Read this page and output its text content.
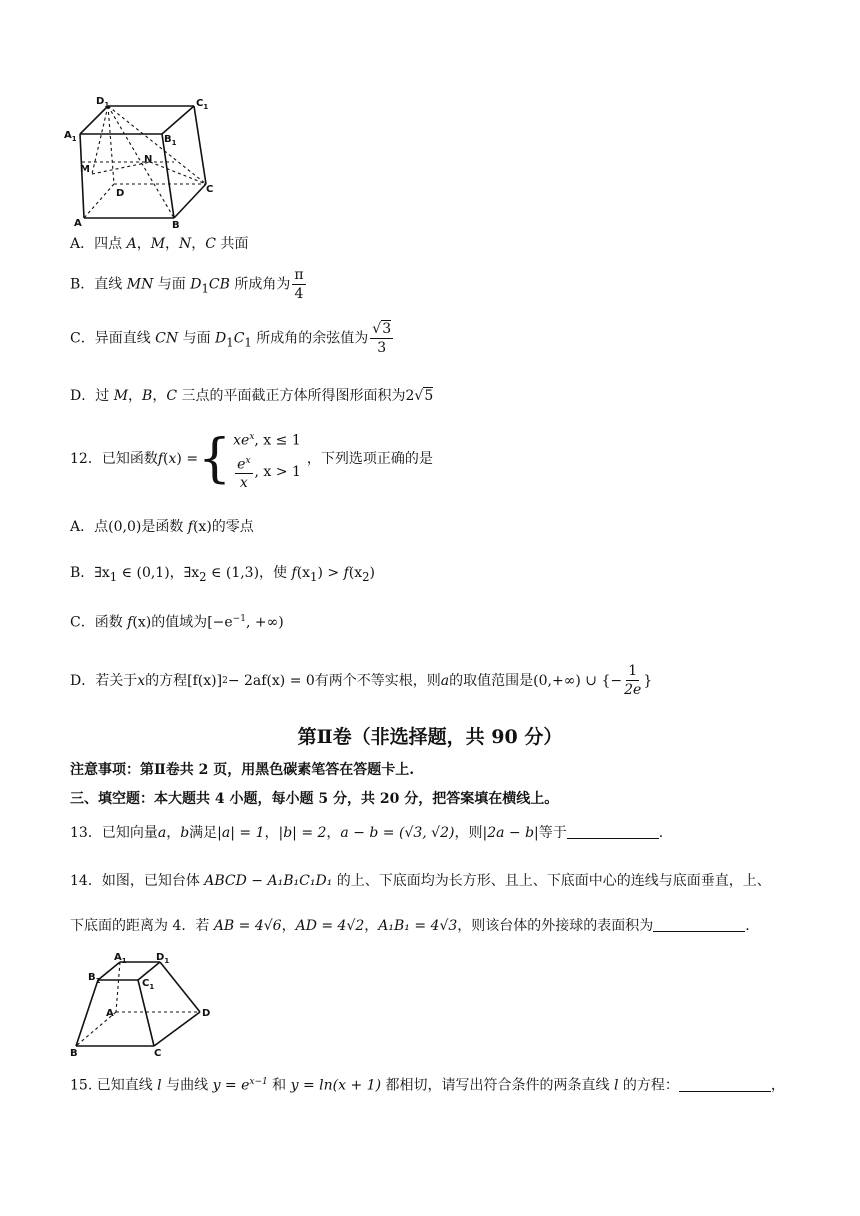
$D_1$	$C_1$
$A_1$	$B_1$
M
N
D	C
A	B
A．四点 A，M，N，C 共面
B．直线 MN 与面 $D_1CB$ 所成角为 $\frac{\pi}{4}$
C．异面直线 CN 与面 $D_1C_1$ 所成角的余弦值为 $\frac{√3}{3}$
D．过 M，B，C 三点的平面截正方体所得图形面积为2√5
12．已知函数 f ( x )
= { $xe^x$, x ≤ 1
$\frac{e^x}{x}$ , x > 1
，下列选项正确的是
A．点(0,0)是函数 f(x)的零点
B．$\exists x_1$ ∈ (0,1)，$\exists x_2$ ∈ (1,3)，使 $f(x_1) > f(x_2)$
C．函数 f(x)的值域为[$-e^{-1}$, +∞)
D．若关于 x 的方程 [f(x)] 2 − 2af(x) = 0 有两个不等实根，则 a 的取值范围是 (0,+∞) ∪ {− $\frac{1}{2e}$ }
第Ⅱ卷（非选择题，共 90 分）
注意事项：第Ⅱ卷共 2 页，用黑色碳素笔答在答题卡上.
三、填空题：本大题共 4 小题，每小题 5 分，共 20 分，把答案填在横线上。
13．已知向量a，b满足|a| = 1，|b| = 2，a − b = (√3, √2)，则|2a − b|等于	.
14．如图，已知台体 ABCD − A₁B₁C₁D₁ 的上、下底面均为长方形、且上、下底面中心的连线与底面垂直，上、
下底面的距离为 4．若 AB = 4√6，AD = 4√2，A₁B₁ = 4√3，则该台体的外接球的表面积为	.
$A_1$	$D_1$
$B_1$	$C_1$
A	D
B	C
15. 已知直线 l 与曲线 $y = e^{x-1}$ 和 y = ln(x + 1) 都相切，请写出符合条件的两条直线 l 的方程：	，
